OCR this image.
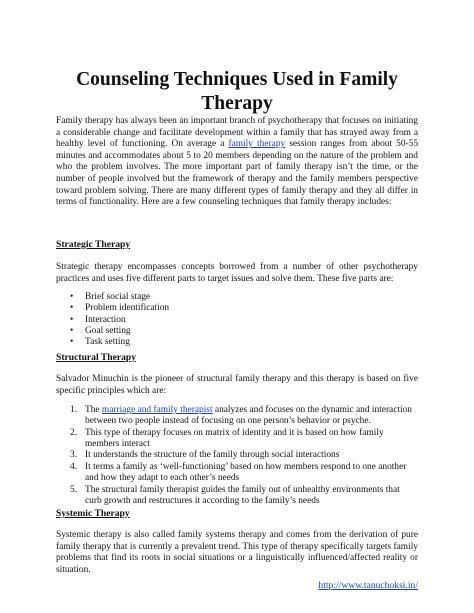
Counseling Techniques Used in Family Therapy

Family therapy has always been an important branch of psychotherapy that focuses on initiating a considerable change and facilitate development within a family that has strayed away from a healthy level of functioning. On average a family therapy session ranges from about 50-55 minutes and accommodates about 5 to 20 members depending on the nature of the problem and who the problem involves. The more important part of family therapy isn’t the time, or the number of people involved but the framework of therapy and the family members perspective toward problem solving. There are many different types of family therapy and they all differ in terms of functionality. Here are a few counseling techniques that family therapy includes:

Strategic Therapy

Strategic therapy encompasses concepts borrowed from a number of other psychotherapy practices and uses five different parts to target issues and solve them. These five parts are:

• Brief social stage
• Problem identification
• Interaction
• Goal setting
• Task setting
Structural Therapy

Salvador Minuchin is the pioneer of structural family therapy and this therapy is based on five specific principles which are:

1. The marriage and family therapist analyzes and focuses on the dynamic and interaction between two people instead of focusing on one person’s behavior or psyche.
2. This type of therapy focuses on matrix of identity and it is based on how family members interact
3. It understands the structure of the family through social interactions
4. It terms a family as ‘well-functioning’ based on how members respond to one another and how they adapt to each other’s needs
5. The structural family therapist guides the family out of unhealthy environments that curb growth and restructures it according to the family’s needs
Systemic Therapy

Systemic therapy is also called family systems therapy and comes from the derivation of pure family therapy that is currently a prevalent trend. This type of therapy specifically targets family problems that find its roots in social situations or a linguistically influenced/affected reality or situation.

http://www.tanuchoksi.in/
